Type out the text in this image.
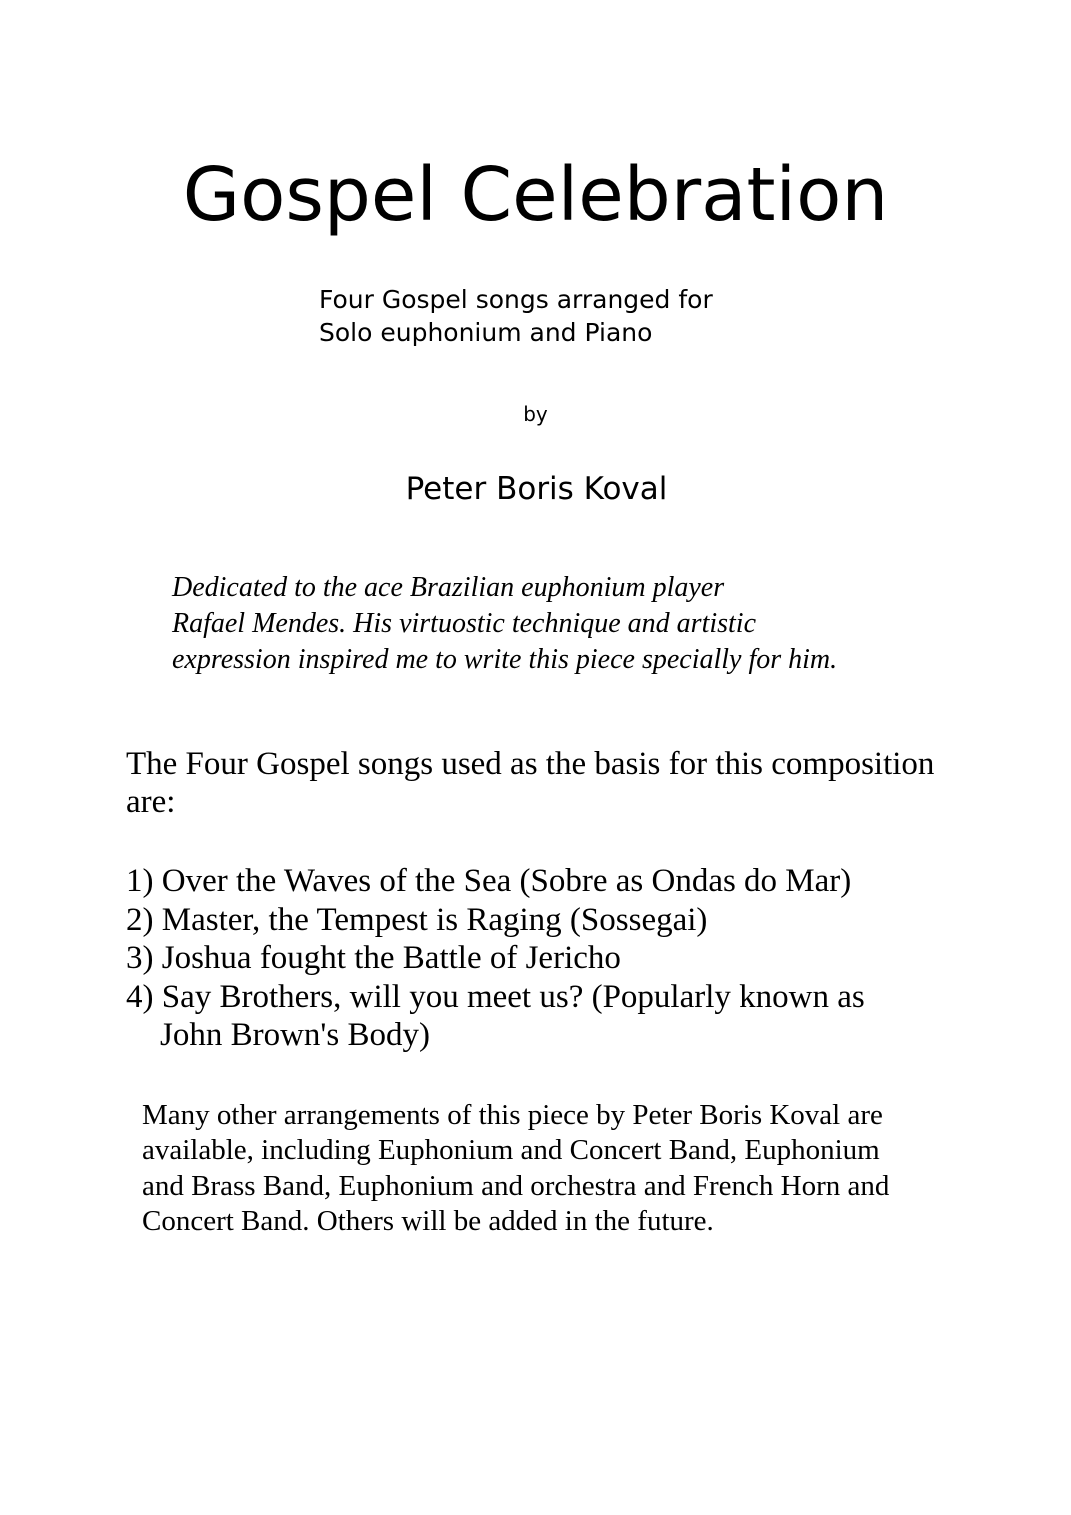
Gospel Celebration
Four Gospel songs arranged for
Solo euphonium and Piano
by
Peter Boris Koval
Dedicated to the ace Brazilian euphonium player
Rafael Mendes. His virtuostic technique and artistic
expression inspired me to write this piece specially for him.
The Four Gospel songs used as the basis for this composition
are:
1) Over the Waves of the Sea (Sobre as Ondas do Mar)
2) Master, the Tempest is Raging (Sossegai)
3) Joshua fought the Battle of Jericho
4) Say Brothers, will you meet us? (Popularly known as
John Brown's Body)
Many other arrangements of this piece by Peter Boris Koval are
available, including Euphonium and Concert Band, Euphonium
and Brass Band, Euphonium and orchestra and French Horn and
Concert Band. Others will be added in the future.
